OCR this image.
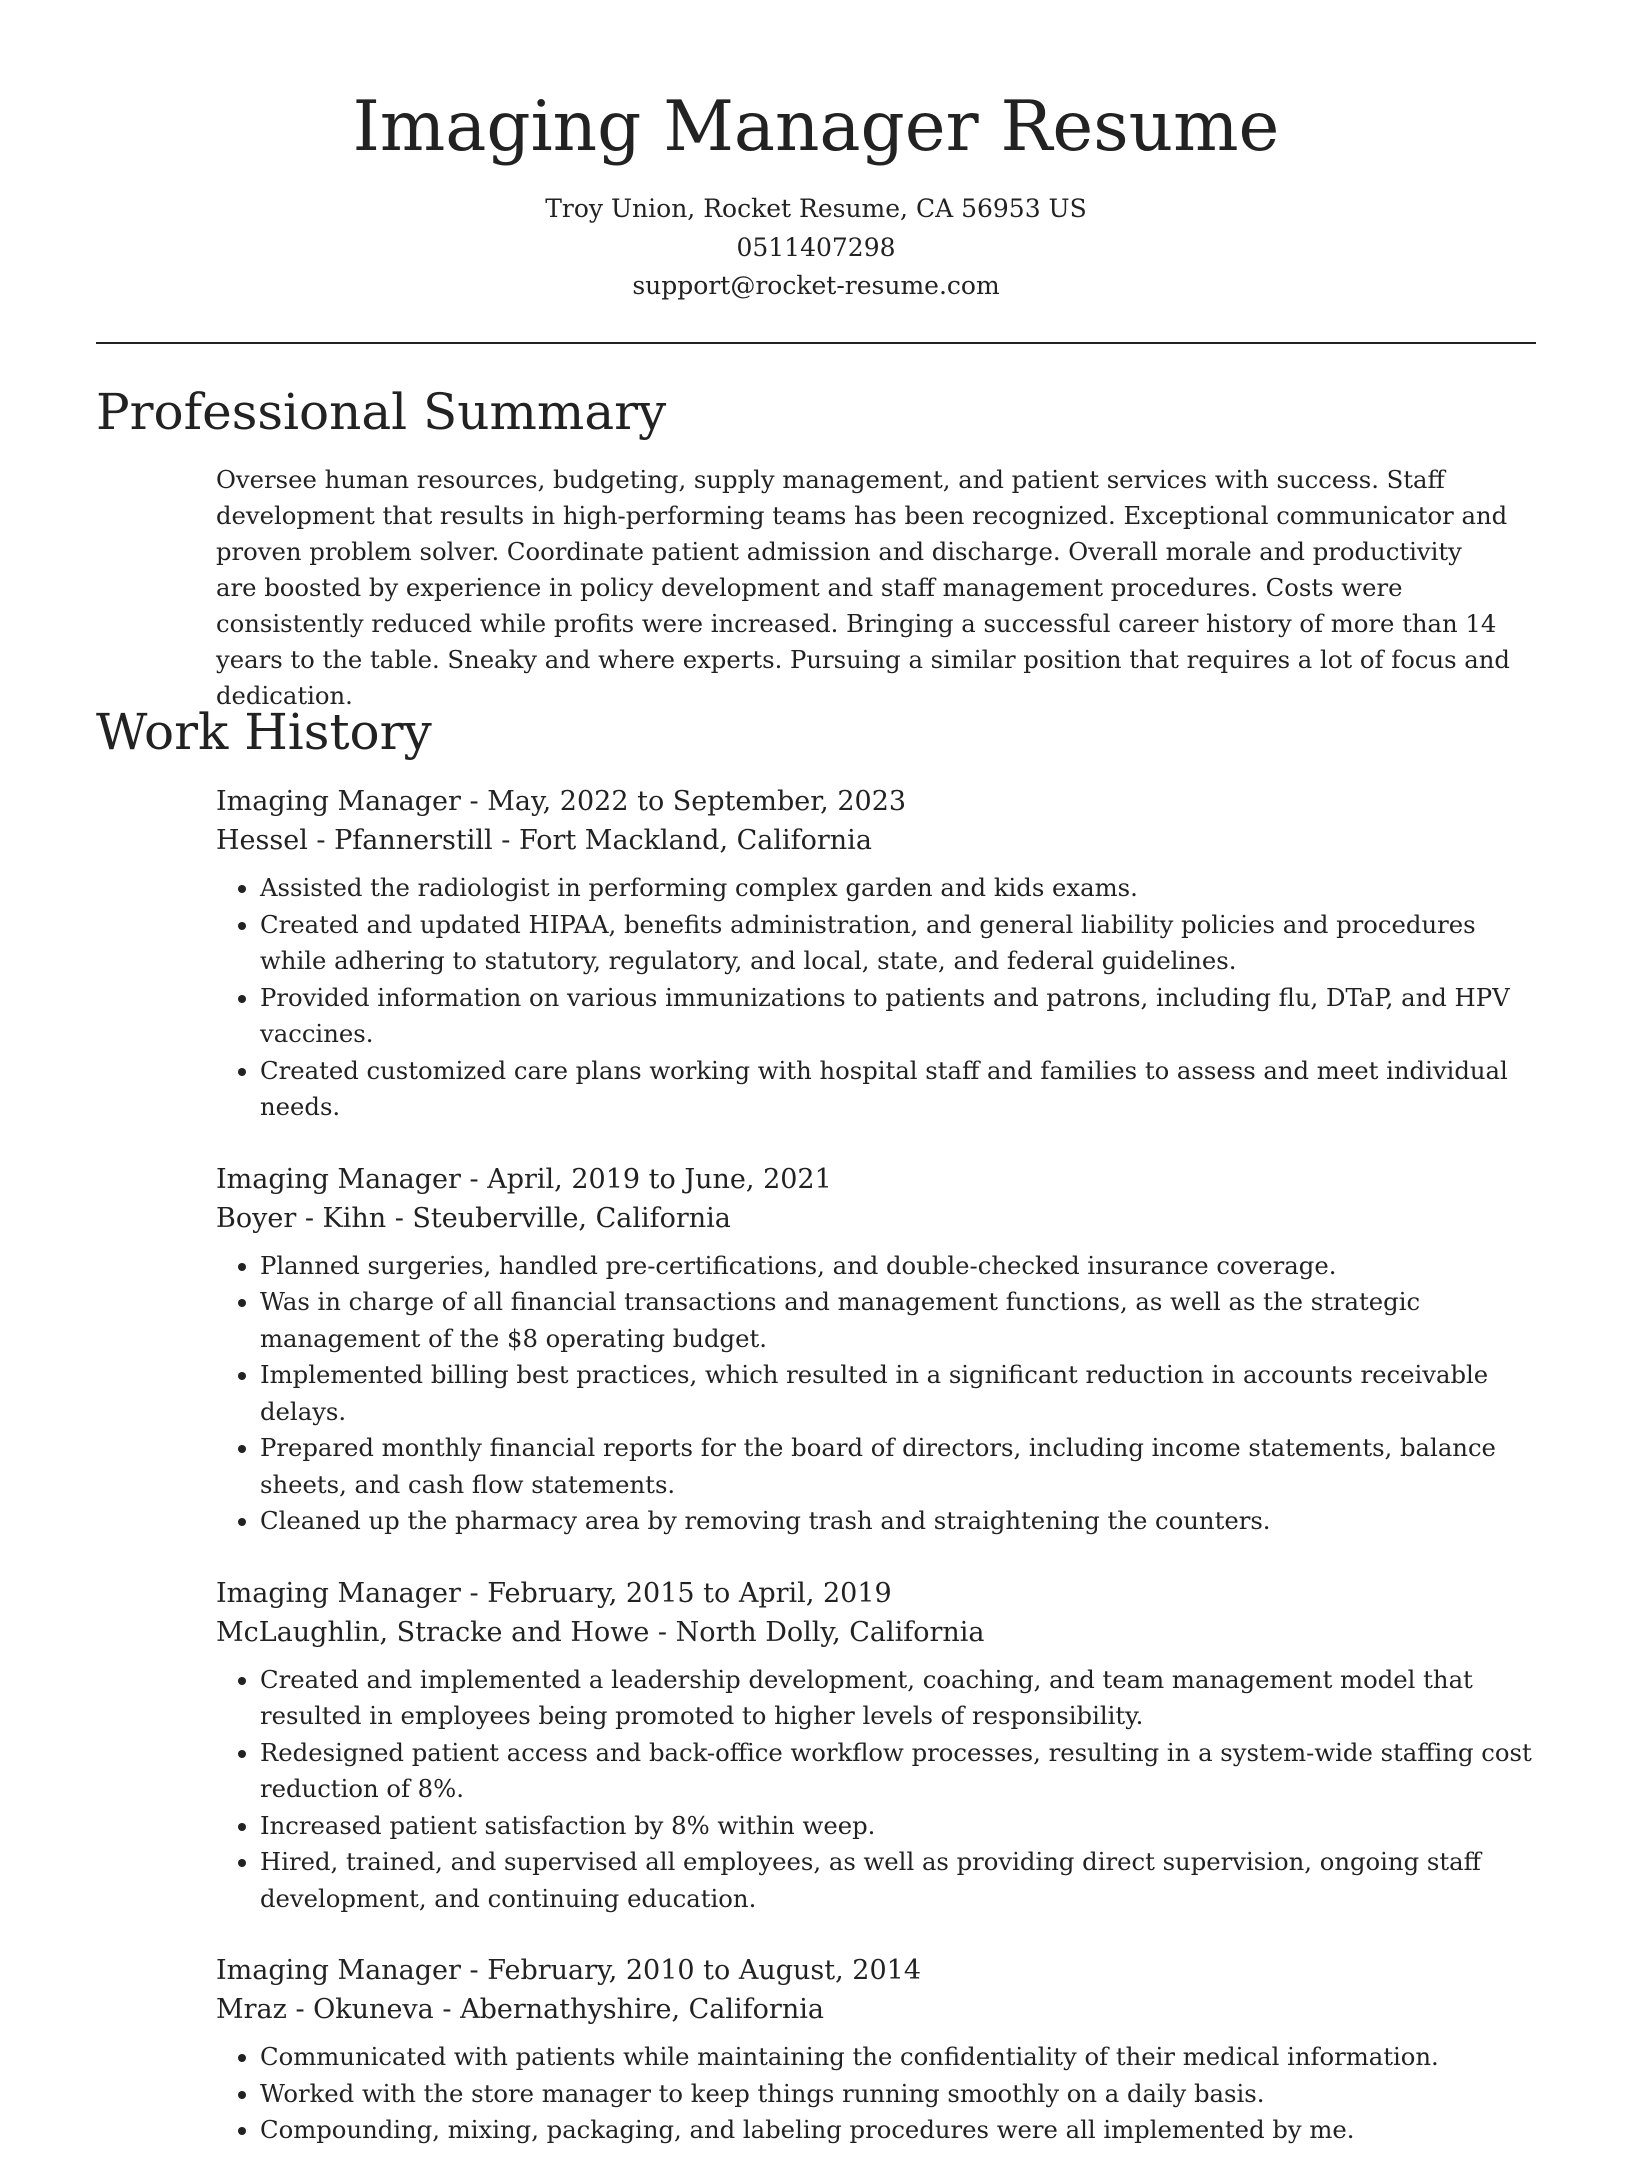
Imaging Manager Resume
Troy Union, Rocket Resume, CA 56953 US
0511407298
support@rocket-resume.com
Professional Summary

Oversee human resources, budgeting, supply management, and patient services with success. Staff development that results in high-performing teams has been recognized. Exceptional communicator and proven problem solver. Coordinate patient admission and discharge. Overall morale and productivity are boosted by experience in policy development and staff management procedures. Costs were consistently reduced while profits were increased. Bringing a successful career history of more than 14 years to the table. Sneaky and where experts. Pursuing a similar position that requires a lot of focus and dedication.

Work History
Imaging Manager - May, 2022 to September, 2023
Hessel - Pfannerstill - Fort Mackland, California
• Assisted the radiologist in performing complex garden and kids exams.
• Created and updated HIPAA, benefits administration, and general liability policies and procedures while adhering to statutory, regulatory, and local, state, and federal guidelines.
• Provided information on various immunizations to patients and patrons, including flu, DTaP, and HPV vaccines.
• Created customized care plans working with hospital staff and families to assess and meet individual needs.
Imaging Manager - April, 2019 to June, 2021
Boyer - Kihn - Steuberville, California
• Planned surgeries, handled pre-certifications, and double-checked insurance coverage.
• Was in charge of all financial transactions and management functions, as well as the strategic management of the $8 operating budget.
• Implemented billing best practices, which resulted in a significant reduction in accounts receivable delays.
• Prepared monthly financial reports for the board of directors, including income statements, balance sheets, and cash flow statements.
• Cleaned up the pharmacy area by removing trash and straightening the counters.
Imaging Manager - February, 2015 to April, 2019
McLaughlin, Stracke and Howe - North Dolly, California
• Created and implemented a leadership development, coaching, and team management model that resulted in employees being promoted to higher levels of responsibility.
• Redesigned patient access and back-office workflow processes, resulting in a system-wide staffing cost reduction of 8%.
• Increased patient satisfaction by 8% within weep.
• Hired, trained, and supervised all employees, as well as providing direct supervision, ongoing staff development, and continuing education.
Imaging Manager - February, 2010 to August, 2014
Mraz - Okuneva - Abernathyshire, California
• Communicated with patients while maintaining the confidentiality of their medical information.
• Worked with the store manager to keep things running smoothly on a daily basis.
• Compounding, mixing, packaging, and labeling procedures were all implemented by me.
